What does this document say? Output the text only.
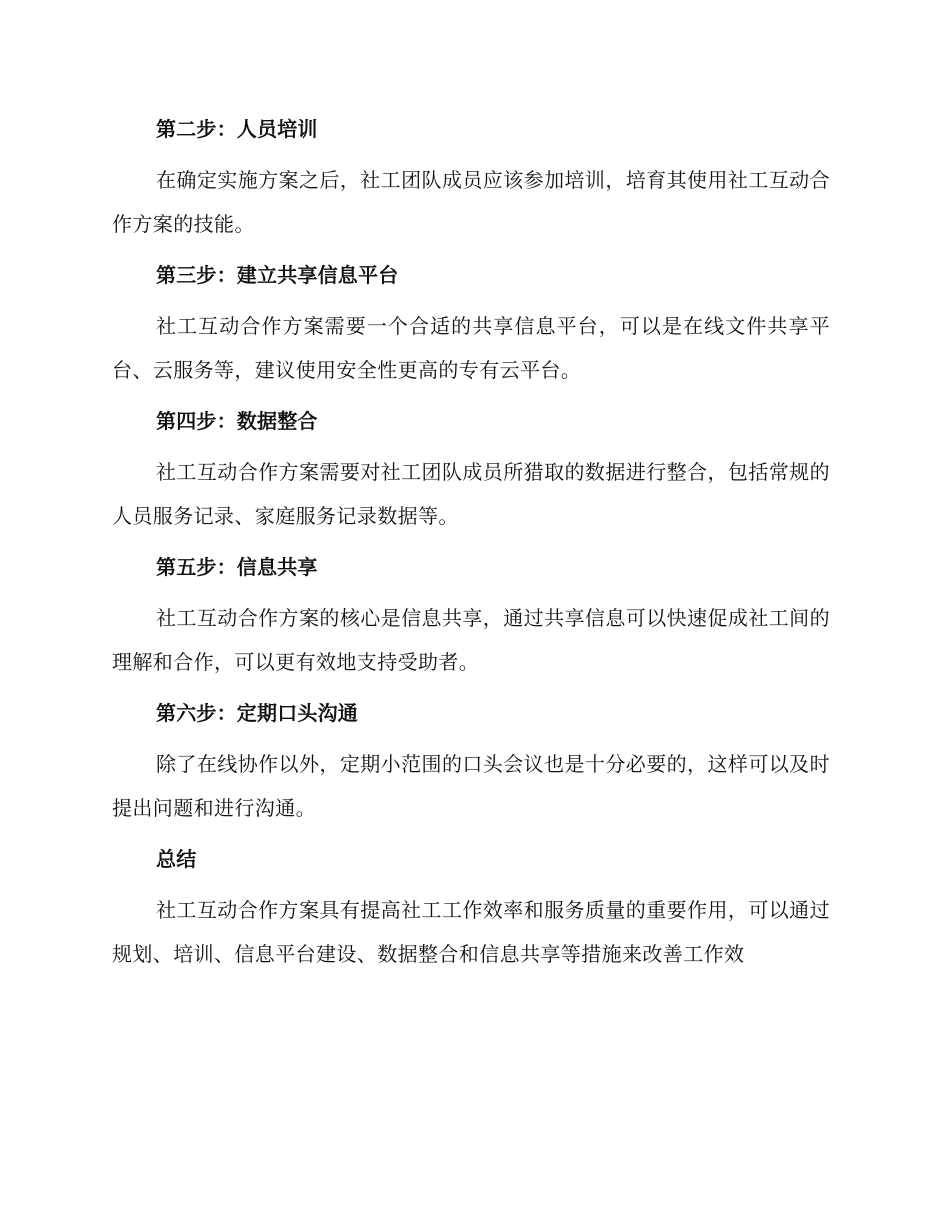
第二步：人员培训

在确定实施方案之后，社工团队成员应该参加培训，培育其使用社工互动合作方案的技能。

第三步：建立共享信息平台

社工互动合作方案需要一个合适的共享信息平台，可以是在线文件共享平台、云服务等，建议使用安全性更高的专有云平台。

第四步：数据整合

社工互动合作方案需要对社工团队成员所猎取的数据进行整合，包括常规的人员服务记录、家庭服务记录数据等。

第五步：信息共享

社工互动合作方案的核心是信息共享，通过共享信息可以快速促成社工间的理解和合作，可以更有效地支持受助者。

第六步：定期口头沟通

除了在线协作以外，定期小范围的口头会议也是十分必要的，这样可以及时提出问题和进行沟通。

总结

社工互动合作方案具有提高社工工作效率和服务质量的重要作用，可以通过规划、培训、信息平台建设、数据整合和信息共享等措施来改善工作效
